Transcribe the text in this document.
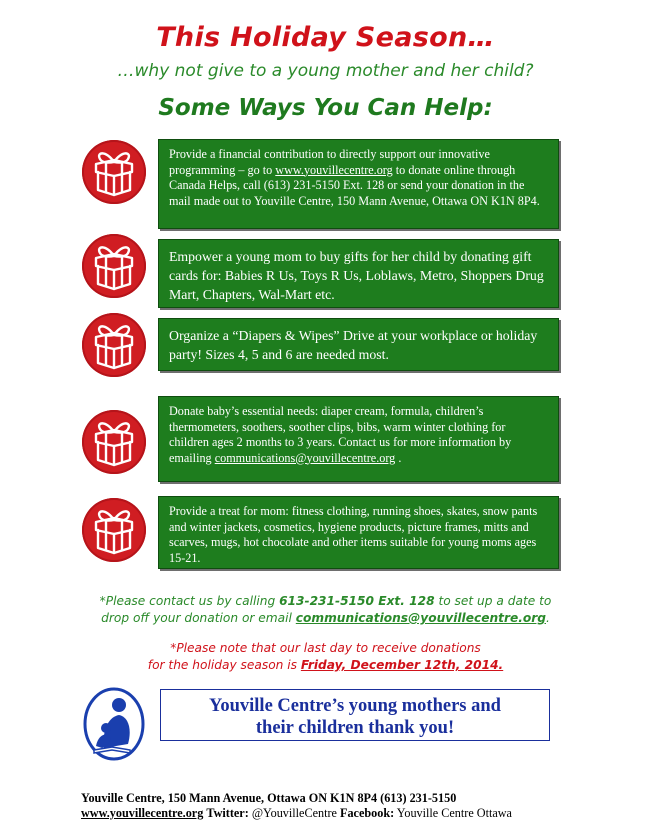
This Holiday Season…
…why not give to a young mother and her child?
Some Ways You Can Help:
Provide a financial contribution to directly support our innovative programming – go to www.youvillecentre.org to donate online through Canada Helps, call (613) 231-5150 Ext. 128 or send your donation in the mail made out to Youville Centre, 150 Mann Avenue, Ottawa ON K1N 8P4.
Empower a young mom to buy gifts for her child by donating gift cards for: Babies R Us, Toys R Us, Loblaws, Metro, Shoppers Drug Mart, Chapters, Wal-Mart etc.
Organize a “Diapers & Wipes” Drive at your workplace or holiday party! Sizes 4, 5 and 6 are needed most.
Donate baby’s essential needs: diaper cream, formula, children’s thermometers, soothers, soother clips, bibs, warm winter clothing for children ages 2 months to 3 years. Contact us for more information by emailing communications@youvillecentre.org .
Provide a treat for mom: fitness clothing, running shoes, skates, snow pants and winter jackets, cosmetics, hygiene products, picture frames, mitts and scarves, mugs, hot chocolate and other items suitable for young moms ages 15-21.
*Please contact us by calling 613-231-5150 Ext. 128 to set up a date to
drop off your donation or email communications@youvillecentre.org.
*Please note that our last day to receive donations
for the holiday season is Friday, December 12th, 2014.
Youville Centre’s young mothers and
their children thank you!
Youville Centre, 150 Mann Avenue, Ottawa ON K1N 8P4 (613) 231-5150
www.youvillecentre.org Twitter: @YouvilleCentre Facebook: Youville Centre Ottawa
